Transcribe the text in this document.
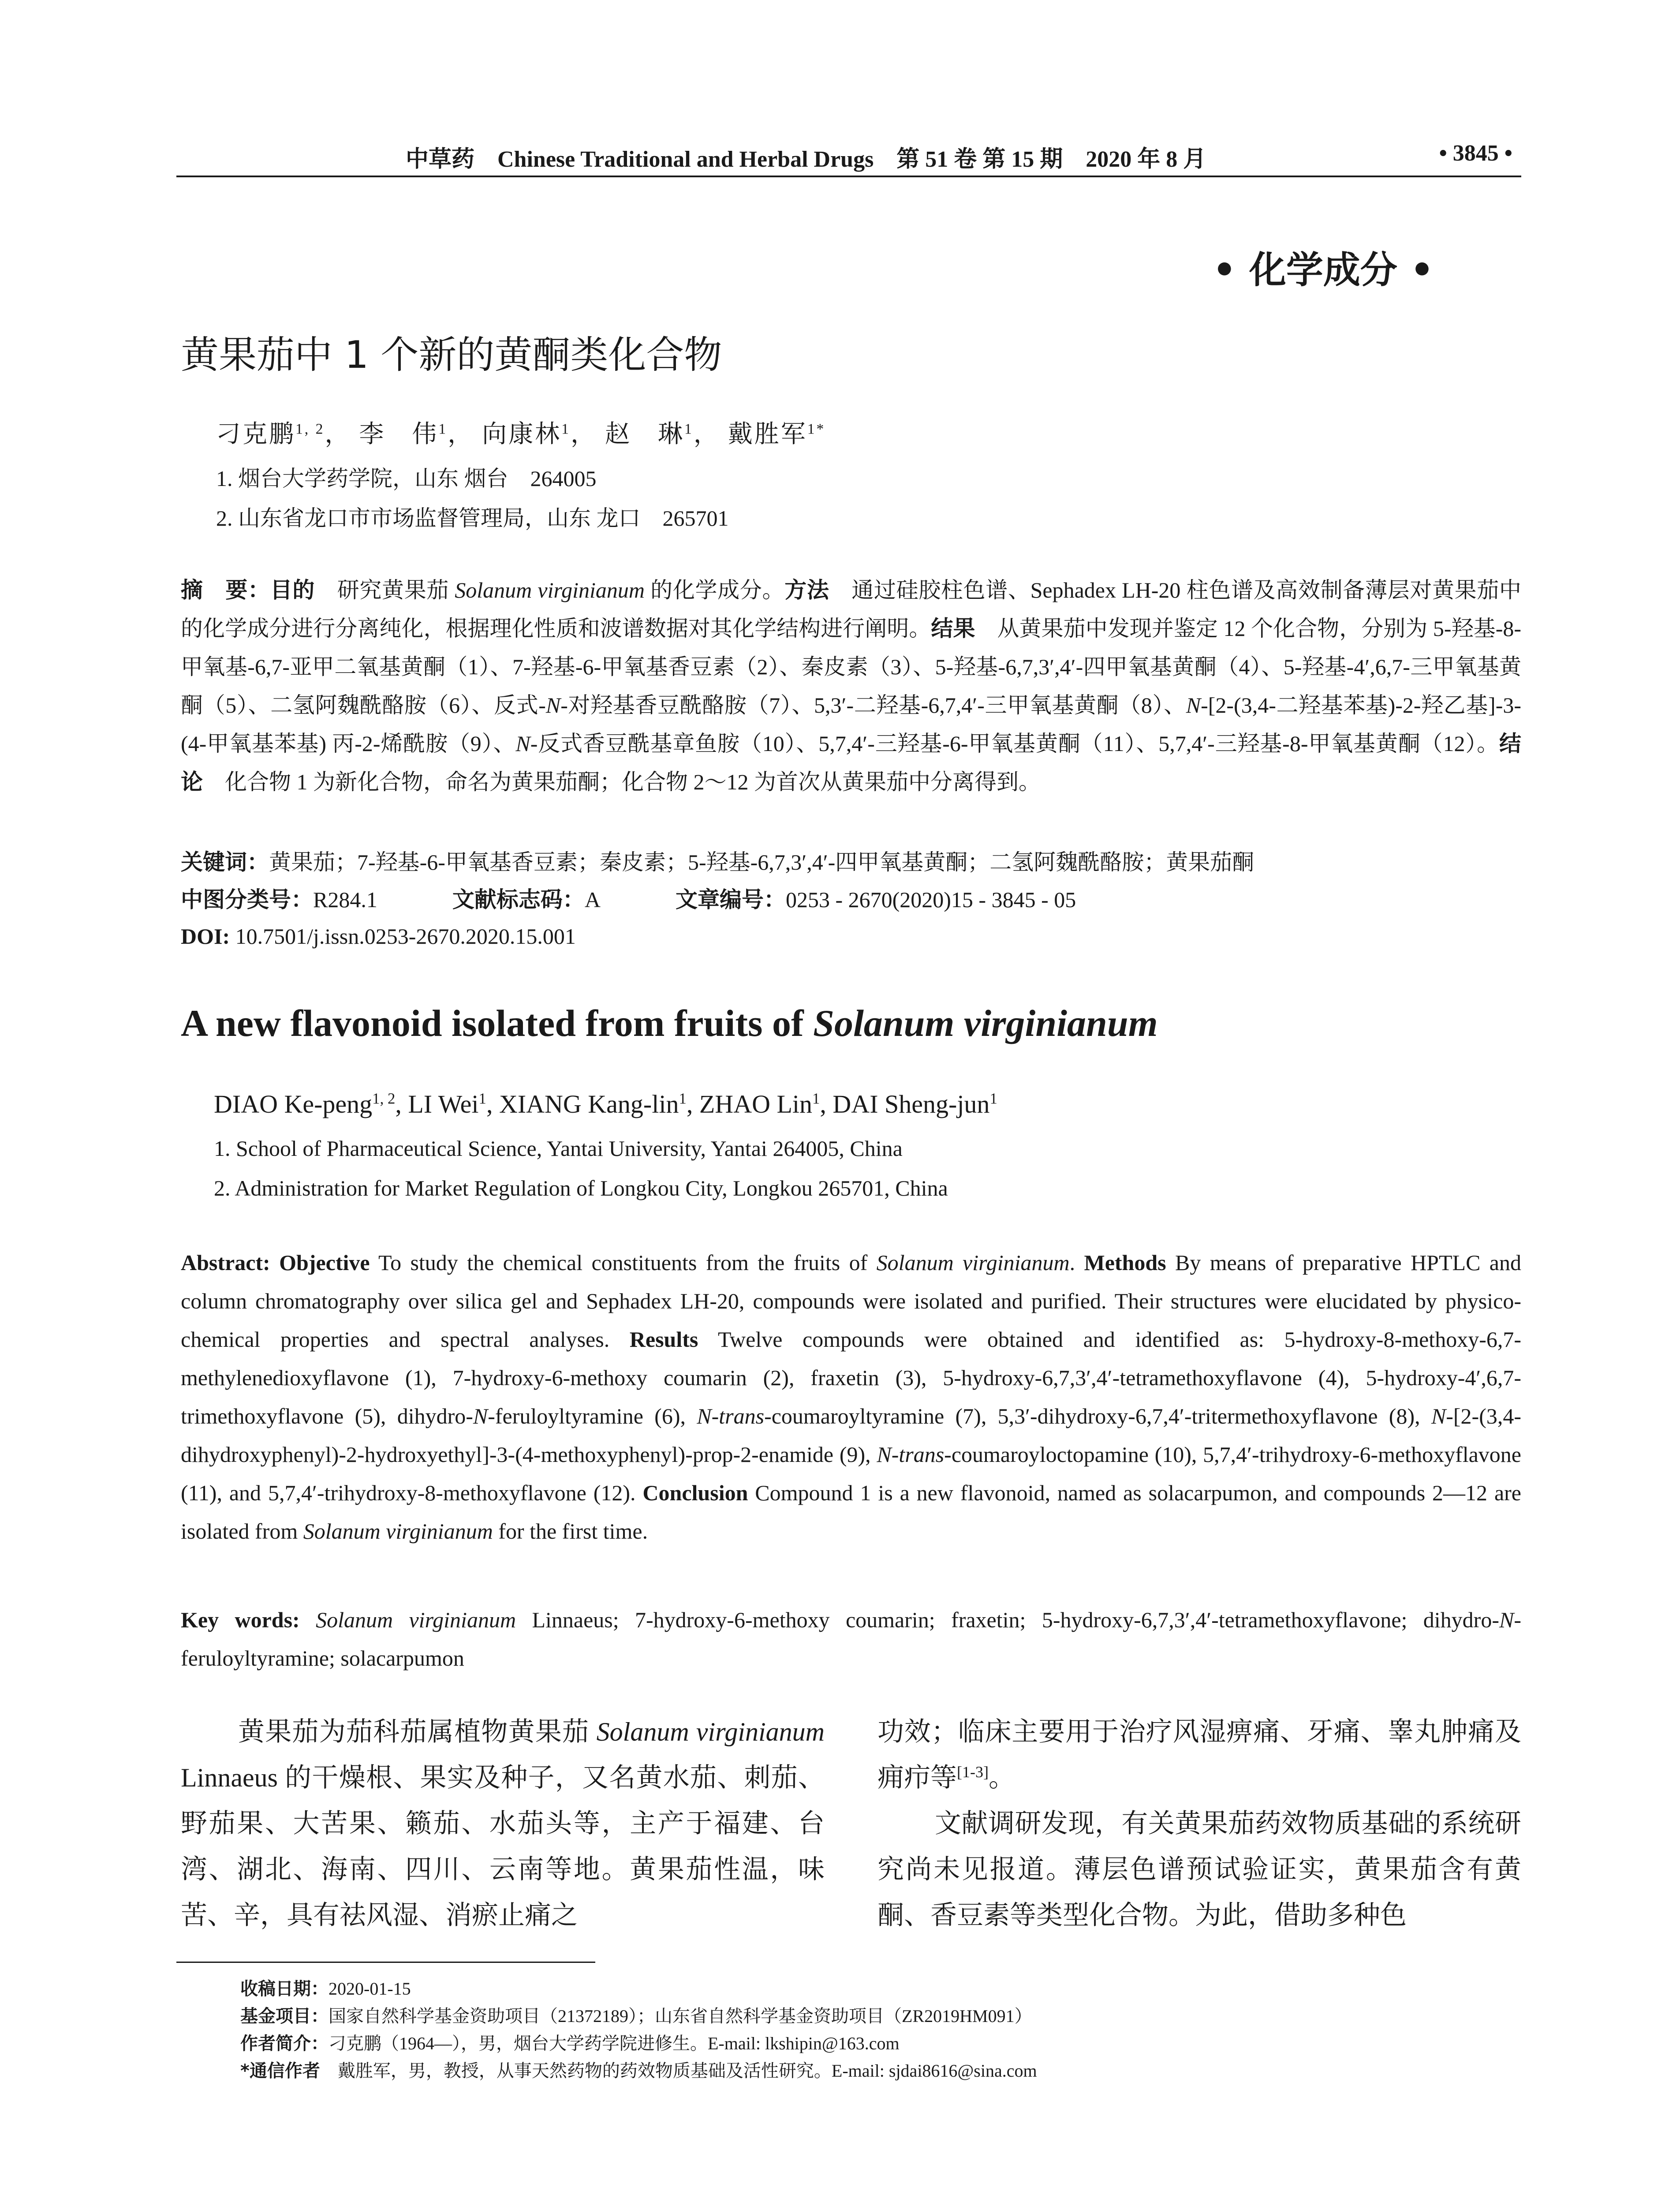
中草药　Chinese Traditional and Herbal Drugs　第 51 卷 第 15 期　2020 年 8 月	• 3845 •
• 化学成分 •
黄果茄中 1 个新的黄酮类化合物
刁克鹏$^{1, 2}$， 李　伟$^1$， 向康林$^1$， 赵　琳$^1$， 戴胜军$^{1*}$
1. 烟台大学药学院，山东 烟台　264005
2. 山东省龙口市市场监督管理局，山东 龙口　265701
摘　要：目的　研究黄果茄 Solanum virginianum 的化学成分。方法　通过硅胶柱色谱、Sephadex LH-20 柱色谱及高效制备薄层对黄果茄中的化学成分进行分离纯化，根据理化性质和波谱数据对其化学结构进行阐明。结果　从黄果茄中发现并鉴定 12 个化合物，分别为 5-羟基-8-甲氧基-6,7-亚甲二氧基黄酮（1）、7-羟基-6-甲氧基香豆素（2）、秦皮素（3）、5-羟基-6,7,3′,4′-四甲氧基黄酮（4）、5-羟基-4′,6,7-三甲氧基黄酮（5）、二氢阿魏酰酪胺（6）、反式-N-对羟基香豆酰酪胺（7）、5,3′-二羟基-6,7,4′-三甲氧基黄酮（8）、N-[2-(3,4-二羟基苯基)-2-羟乙基]-3-(4-甲氧基苯基) 丙-2-烯酰胺（9）、N-反式香豆酰基章鱼胺（10）、5,7,4′-三羟基-6-甲氧基黄酮（11）、5,7,4′-三羟基-8-甲氧基黄酮（12）。结论　化合物 1 为新化合物，命名为黄果茄酮；化合物 2～12 为首次从黄果茄中分离得到。
关键词：黄果茄；7-羟基-6-甲氧基香豆素；秦皮素；5-羟基-6,7,3′,4′-四甲氧基黄酮；二氢阿魏酰酪胺；黄果茄酮
中图分类号：R284.1	文献标志码：A	文章编号：0253 - 2670(2020)15 - 3845 - 05
DOI: 10.7501/j.issn.0253-2670.2020.15.001
A new flavonoid isolated from fruits of Solanum virginianum
DIAO Ke-peng$^{1, 2}$, LI Wei$^1$, XIANG Kang-lin$^1$, ZHAO Lin$^1$, DAI Sheng-jun$^1$
1. School of Pharmaceutical Science, Yantai University, Yantai 264005, China
2. Administration for Market Regulation of Longkou City, Longkou 265701, China
Abstract: Objective To study the chemical constituents from the fruits of Solanum virginianum. Methods By means of preparative HPTLC and column chromatography over silica gel and Sephadex LH-20, compounds were isolated and purified. Their structures were elucidated by physico-chemical properties and spectral analyses. Results Twelve compounds were obtained and identified as: 5-hydroxy-8-methoxy-6,7-methylenedioxyflavone (1), 7-hydroxy-6-methoxy coumarin (2), fraxetin (3), 5-hydroxy-6,7,3′,4′-tetramethoxyflavone (4), 5-hydroxy-4′,6,7-trimethoxyflavone (5), dihydro-N-feruloyltyramine (6), N-trans-coumaroyltyramine (7), 5,3′-dihydroxy-6,7,4′-tritermethoxyflavone (8), N-[2-(3,4-dihydroxyphenyl)-2-hydroxyethyl]-3-(4-methoxyphenyl)-prop-2-enamide (9), N-trans-coumaroyloctopamine (10), 5,7,4′-trihydroxy-6-methoxyflavone (11), and 5,7,4′-trihydroxy-8-methoxyflavone (12). Conclusion Compound 1 is a new flavonoid, named as solacarpumon, and compounds 2—12 are isolated from Solanum virginianum for the first time.
Key words: Solanum virginianum Linnaeus; 7-hydroxy-6-methoxy coumarin; fraxetin; 5-hydroxy-6,7,3′,4′-tetramethoxyflavone; dihydro-N-feruloyltyramine; solacarpumon
黄果茄为茄科茄属植物黄果茄 Solanum virginianum Linnaeus 的干燥根、果实及种子，又名黄水茄、刺茄、野茄果、大苦果、籁茄、水茄头等，主产于福建、台湾、湖北、海南、四川、云南等地。黄果茄性温，味苦、辛，具有祛风湿、消瘀止痛之
功效；临床主要用于治疗风湿痹痛、牙痛、睾丸肿痛及痈疖等[1-3]。
文献调研发现，有关黄果茄药效物质基础的系统研究尚未见报道。薄层色谱预试验证实，黄果茄含有黄酮、香豆素等类型化合物。为此，借助多种色
收稿日期：2020-01-15
基金项目：国家自然科学基金资助项目（21372189）；山东省自然科学基金资助项目（ZR2019HM091）
作者简介：刁克鹏（1964—），男，烟台大学药学院进修生。E-mail: lkshipin@163.com
*通信作者　戴胜军，男，教授，从事天然药物的药效物质基础及活性研究。E-mail: sjdai8616@sina.com
